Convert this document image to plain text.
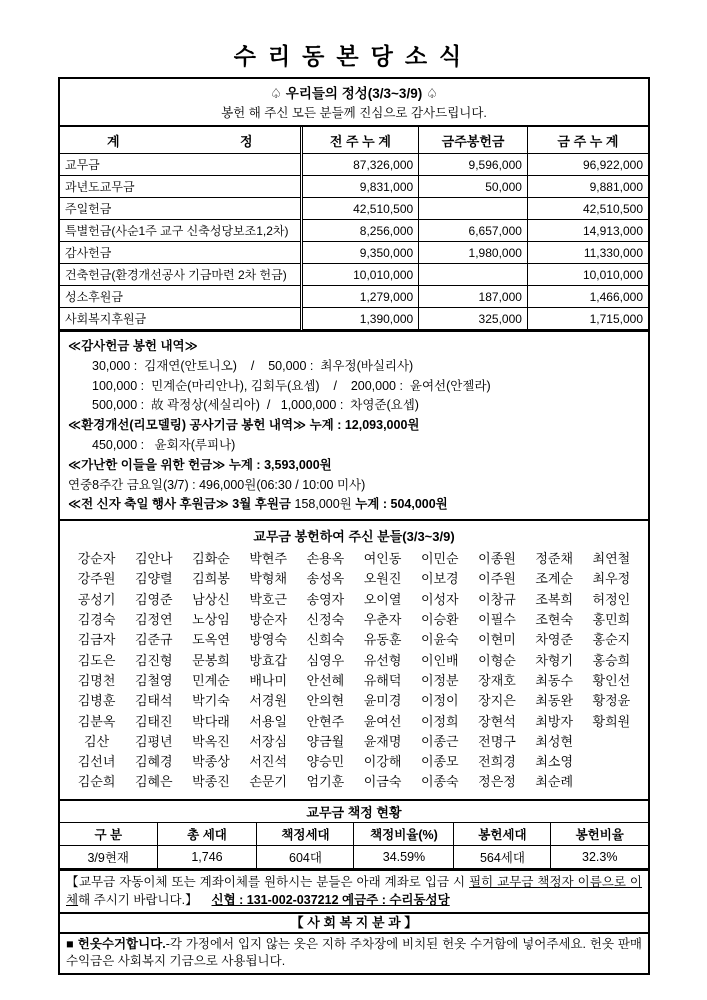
수리동본당소식
♤ 우리들의 정성(3/3~3/9) ♤
봉헌 해 주신 모든 분들께 진심으로 감사드립니다.
계 정	전 주 누 계	금주봉헌금	금 주 누 계
교무금	87,326,000	9,596,000	96,922,000
과년도교무금	9,831,000	50,000	9,881,000
주일헌금	42,510,500		42,510,500
특별헌금(사순1주 교구 신축성당보조1,2차)	8,256,000	6,657,000	14,913,000
감사헌금	9,350,000	1,980,000	11,330,000
건축헌금(환경개선공사 기금마련 2차 헌금)	10,010,000		10,010,000
성소후원금	1,279,000	187,000	1,466,000
사회복지후원금	1,390,000	325,000	1,715,000
≪감사헌금 봉헌 내역≫
30,000 :  김재연(안토니오)    /    50,000 :  최우정(바실리사)
100,000 :  민계순(마리안나), 김회두(요셉)    /    200,000 :  윤여선(안젤라)
500,000 :  故 곽정상(세실리아)  /   1,000,000 :  차영준(요셉)
≪환경개선(리모델링) 공사기금 봉헌 내역≫ 누계 : 12,093,000원
450,000 :   윤회자(루피나)
≪가난한 이들을 위한 헌금≫ 누계 : 3,593,000원
연중8주간 금요일(3/7) : 496,000원(06:30 / 10:00 미사)
≪전 신자 축일 행사 후원금≫ 3월 후원금 158,000원 누계 : 504,000원
교무금 봉헌하여 주신 분들(3/3~3/9)
강순자	김안나	김화순	박현주	손용옥	여인동	이민순	이종원	정준채	최연철
강주원	김양렬	김희봉	박형채	송성옥	오원진	이보경	이주원	조계순	최우정
공성기	김영준	남상신	박호근	송영자	오이열	이성자	이창규	조복희	허정인
김경숙	김정연	노상임	방순자	신정숙	우춘자	이승환	이필수	조현숙	홍민희
김금자	김준규	도옥연	방영숙	신희숙	유동훈	이윤숙	이현미	차영준	홍순지
김도은	김진형	문봉희	방효갑	심영우	유선형	이인배	이형순	차형기	홍승희
김명천	김철영	민계순	배나미	안선혜	유해덕	이정분	장재호	최동수	황인선
김병훈	김태석	박기숙	서경원	안의현	윤미경	이정이	장지은	최동완	황정윤
김분옥	김태진	박다래	서용일	안현주	윤여선	이정희	장현석	최방자	황희원
김산	김평년	박옥진	서장심	양금월	윤재명	이종근	전명구	최성현
김선녀	김혜경	박종상	서진석	양승민	이강해	이종모	전희경	최소영
김순희	김혜은	박종진	손문기	엄기훈	이금숙	이종숙	정은정	최순례
교무금 책정 현황					
구 분	총 세대	책정세대	책정비율(%)	봉헌세대	봉헌비율
3/9현재	1,746	604대	34.59%	564세대	32.3%
【교무금 자동이체 또는 계좌이체를 원하시는 분들은 아래 계좌로 입금 시 필히 교무금 책정자 이름으로 이체해 주시기 바랍니다.】 신협 : 131-002-037212 예금주 : 수리동성당
【 사 회 복 지 분 과 】
■ 헌옷수거합니다.-각 가정에서 입지 않는 옷은 지하 주차장에 비치된 헌옷 수거함에 넣어주세요. 헌옷 판매 수익금은 사회복지 기금으로 사용됩니다.
